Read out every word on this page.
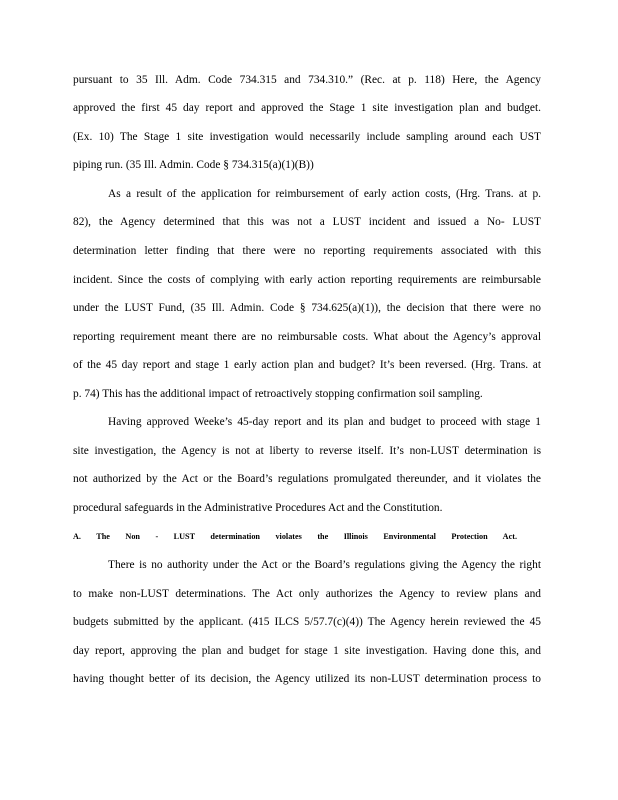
pursuant to 35 Ill. Adm. Code 734.315 and 734.310.” (Rec. at p. 118) Here, the Agency
approved the first 45 day report and approved the Stage 1 site investigation plan and budget.
(Ex. 10) The Stage 1 site investigation would necessarily include sampling around each UST
piping run. (35 Ill. Admin. Code § 734.315(a)(1)(B))
As a result of the application for reimbursement of early action costs, (Hrg. Trans. at p.
82), the Agency determined that this was not a LUST incident and issued a No- LUST
determination letter finding that there were no reporting requirements associated with this
incident. Since the costs of complying with early action reporting requirements are reimbursable
under the LUST Fund, (35 Ill. Admin. Code § 734.625(a)(1)), the decision that there were no
reporting requirement meant there are no reimbursable costs. What about the Agency’s approval
of the 45 day report and stage 1 early action plan and budget? It’s been reversed. (Hrg. Trans. at
p. 74) This has the additional impact of retroactively stopping confirmation soil sampling.
Having approved Weeke’s 45-day report and its plan and budget to proceed with stage 1
site investigation, the Agency is not at liberty to reverse itself. It’s non-LUST determination is
not authorized by the Act or the Board’s regulations promulgated thereunder, and it violates the
procedural safeguards in the Administrative Procedures Act and the Constitution.
A. The Non - LUST determination violates the Illinois Environmental Protection Act.
There is no authority under the Act or the Board’s regulations giving the Agency the right
to make non-LUST determinations. The Act only authorizes the Agency to review plans and
budgets submitted by the applicant. (415 ILCS 5/57.7(c)(4)) The Agency herein reviewed the 45
day report, approving the plan and budget for stage 1 site investigation. Having done this, and
having thought better of its decision, the Agency utilized its non-LUST determination process to
